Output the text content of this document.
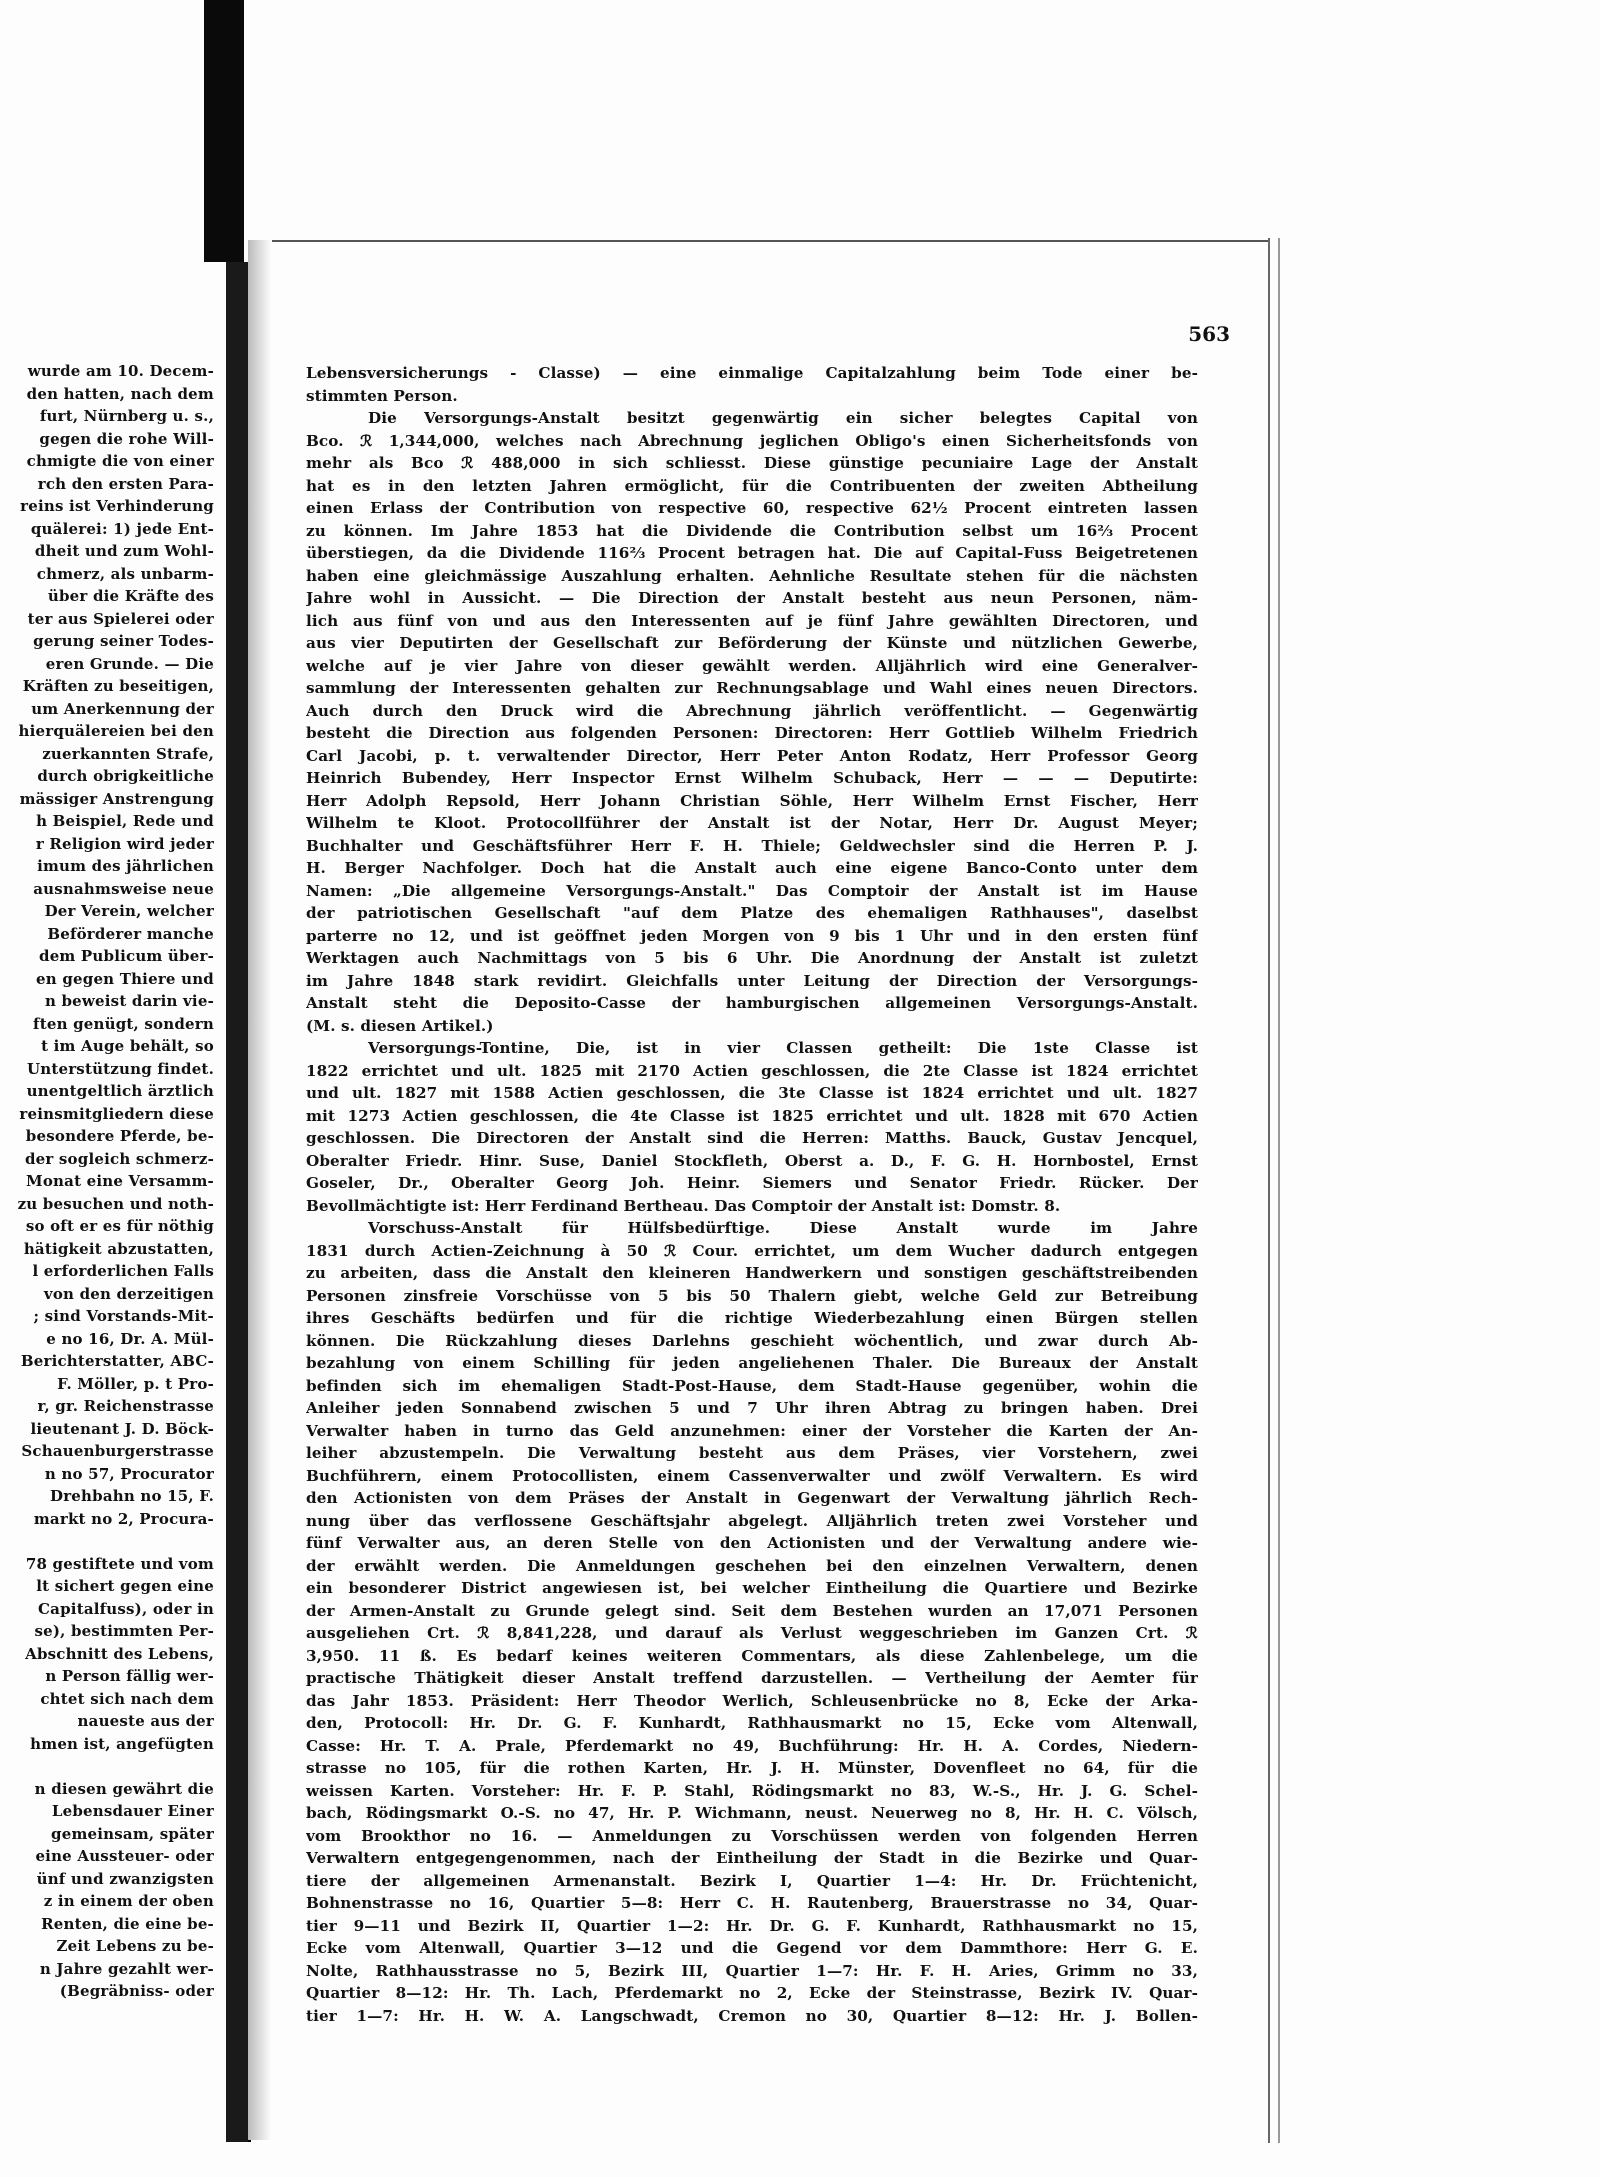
wurde am 10. Decem-
den hatten, nach dem
furt, Nürnberg u. s.,
gegen die rohe Will-
chmigte die von einer
rch den ersten Para-
reins ist Verhinderung
quälerei: 1) jede Ent-
dheit und zum Wohl-
chmerz, als unbarm-
über die Kräfte des
ter aus Spielerei oder
gerung seiner Todes-
eren Grunde. — Die
Kräften zu beseitigen,
um Anerkennung der
hierquälereien bei den
zuerkannten Strafe,
durch obrigkeitliche
mässiger Anstrengung
h Beispiel, Rede und
r Religion wird jeder
imum des jährlichen
ausnahmsweise neue
Der Verein, welcher
Beförderer manche
dem Publicum über-
en gegen Thiere und
n beweist darin vie-
ften genügt, sondern
t im Auge behält, so
Unterstützung findet.
unentgeltlich ärztlich
reinsmitgliedern diese
besondere Pferde, be-
der sogleich schmerz-
Monat eine Versamm-
zu besuchen und noth-
so oft er es für nöthig
hätigkeit abzustatten,
l erforderlichen Falls
von den derzeitigen
; sind Vorstands-Mit-
e no 16, Dr. A. Mül-
Berichterstatter, ABC-
F. Möller, p. t Pro-
r, gr. Reichenstrasse
lieutenant J. D. Böck-
Schauenburgerstrasse
n no 57, Procurator
Drehbahn no 15, F.
markt no 2, Procura-
78 gestiftete und vom
lt sichert gegen eine
Capitalfuss), oder in
se), bestimmten Per-
Abschnitt des Lebens,
n Person fällig wer-
chtet sich nach dem
naueste aus der
hmen ist, angefügten
n diesen gewährt die
Lebensdauer Einer
gemeinsam, später
eine Aussteuer- oder
ünf und zwanzigsten
z in einem der oben
Renten, die eine be-
Zeit Lebens zu be-
n Jahre gezahlt wer-
(Begräbniss- oder
563
Lebensversicherungs - Classe) — eine einmalige Capitalzahlung beim Tode einer be-
stimmten Person.
Die Versorgungs-Anstalt besitzt gegenwärtig ein sicher belegtes Capital von
Bco. ℛ 1,344,000, welches nach Abrechnung jeglichen Obligo's einen Sicherheitsfonds von
mehr als Bco ℛ 488,000 in sich schliesst. Diese günstige pecuniaire Lage der Anstalt
hat es in den letzten Jahren ermöglicht, für die Contribuenten der zweiten Abtheilung
einen Erlass der Contribution von respective 60, respective 62½ Procent eintreten lassen
zu können. Im Jahre 1853 hat die Dividende die Contribution selbst um 16⅔ Procent
überstiegen, da die Dividende 116⅔ Procent betragen hat. Die auf Capital-Fuss Beigetretenen
haben eine gleichmässige Auszahlung erhalten. Aehnliche Resultate stehen für die nächsten
Jahre wohl in Aussicht. — Die Direction der Anstalt besteht aus neun Personen, näm-
lich aus fünf von und aus den Interessenten auf je fünf Jahre gewählten Directoren, und
aus vier Deputirten der Gesellschaft zur Beförderung der Künste und nützlichen Gewerbe,
welche auf je vier Jahre von dieser gewählt werden. Alljährlich wird eine Generalver-
sammlung der Interessenten gehalten zur Rechnungsablage und Wahl eines neuen Directors.
Auch durch den Druck wird die Abrechnung jährlich veröffentlicht. — Gegenwärtig
besteht die Direction aus folgenden Personen: Directoren: Herr Gottlieb Wilhelm Friedrich
Carl Jacobi, p. t. verwaltender Director, Herr Peter Anton Rodatz, Herr Professor Georg
Heinrich Bubendey, Herr Inspector Ernst Wilhelm Schuback, Herr — — — Deputirte:
Herr Adolph Repsold, Herr Johann Christian Söhle, Herr Wilhelm Ernst Fischer, Herr
Wilhelm te Kloot. Protocollführer der Anstalt ist der Notar, Herr Dr. August Meyer;
Buchhalter und Geschäftsführer Herr F. H. Thiele; Geldwechsler sind die Herren P. J.
H. Berger Nachfolger. Doch hat die Anstalt auch eine eigene Banco-Conto unter dem
Namen: „Die allgemeine Versorgungs-Anstalt." Das Comptoir der Anstalt ist im Hause
der patriotischen Gesellschaft "auf dem Platze des ehemaligen Rathhauses", daselbst
parterre no 12, und ist geöffnet jeden Morgen von 9 bis 1 Uhr und in den ersten fünf
Werktagen auch Nachmittags von 5 bis 6 Uhr. Die Anordnung der Anstalt ist zuletzt
im Jahre 1848 stark revidirt. Gleichfalls unter Leitung der Direction der Versorgungs-
Anstalt steht die Deposito-Casse der hamburgischen allgemeinen Versorgungs-Anstalt.
(M. s. diesen Artikel.)
Versorgungs-Tontine, Die, ist in vier Classen getheilt: Die 1ste Classe ist
1822 errichtet und ult. 1825 mit 2170 Actien geschlossen, die 2te Classe ist 1824 errichtet
und ult. 1827 mit 1588 Actien geschlossen, die 3te Classe ist 1824 errichtet und ult. 1827
mit 1273 Actien geschlossen, die 4te Classe ist 1825 errichtet und ult. 1828 mit 670 Actien
geschlossen. Die Directoren der Anstalt sind die Herren: Matths. Bauck, Gustav Jencquel,
Oberalter Friedr. Hinr. Suse, Daniel Stockfleth, Oberst a. D., F. G. H. Hornbostel, Ernst
Goseler, Dr., Oberalter Georg Joh. Heinr. Siemers und Senator Friedr. Rücker. Der
Bevollmächtigte ist: Herr Ferdinand Bertheau. Das Comptoir der Anstalt ist: Domstr. 8.
Vorschuss-Anstalt für Hülfsbedürftige. Diese Anstalt wurde im Jahre
1831 durch Actien-Zeichnung à 50 ℛ Cour. errichtet, um dem Wucher dadurch entgegen
zu arbeiten, dass die Anstalt den kleineren Handwerkern und sonstigen geschäftstreibenden
Personen zinsfreie Vorschüsse von 5 bis 50 Thalern giebt, welche Geld zur Betreibung
ihres Geschäfts bedürfen und für die richtige Wiederbezahlung einen Bürgen stellen
können. Die Rückzahlung dieses Darlehns geschieht wöchentlich, und zwar durch Ab-
bezahlung von einem Schilling für jeden angeliehenen Thaler. Die Bureaux der Anstalt
befinden sich im ehemaligen Stadt-Post-Hause, dem Stadt-Hause gegenüber, wohin die
Anleiher jeden Sonnabend zwischen 5 und 7 Uhr ihren Abtrag zu bringen haben. Drei
Verwalter haben in turno das Geld anzunehmen: einer der Vorsteher die Karten der An-
leiher abzustempeln. Die Verwaltung besteht aus dem Präses, vier Vorstehern, zwei
Buchführern, einem Protocollisten, einem Cassenverwalter und zwölf Verwaltern. Es wird
den Actionisten von dem Präses der Anstalt in Gegenwart der Verwaltung jährlich Rech-
nung über das verflossene Geschäftsjahr abgelegt. Alljährlich treten zwei Vorsteher und
fünf Verwalter aus, an deren Stelle von den Actionisten und der Verwaltung andere wie-
der erwählt werden. Die Anmeldungen geschehen bei den einzelnen Verwaltern, denen
ein besonderer District angewiesen ist, bei welcher Eintheilung die Quartiere und Bezirke
der Armen-Anstalt zu Grunde gelegt sind. Seit dem Bestehen wurden an 17,071 Personen
ausgeliehen Crt. ℛ 8,841,228, und darauf als Verlust weggeschrieben im Ganzen Crt. ℛ
3,950. 11 ß. Es bedarf keines weiteren Commentars, als diese Zahlenbelege, um die
practische Thätigkeit dieser Anstalt treffend darzustellen. — Vertheilung der Aemter für
das Jahr 1853. Präsident: Herr Theodor Werlich, Schleusenbrücke no 8, Ecke der Arka-
den, Protocoll: Hr. Dr. G. F. Kunhardt, Rathhausmarkt no 15, Ecke vom Altenwall,
Casse: Hr. T. A. Prale, Pferdemarkt no 49, Buchführung: Hr. H. A. Cordes, Niedern-
strasse no 105, für die rothen Karten, Hr. J. H. Münster, Dovenfleet no 64, für die
weissen Karten. Vorsteher: Hr. F. P. Stahl, Rödingsmarkt no 83, W.-S., Hr. J. G. Schel-
bach, Rödingsmarkt O.-S. no 47, Hr. P. Wichmann, neust. Neuerweg no 8, Hr. H. C. Völsch,
vom Brookthor no 16. — Anmeldungen zu Vorschüssen werden von folgenden Herren
Verwaltern entgegengenommen, nach der Eintheilung der Stadt in die Bezirke und Quar-
tiere der allgemeinen Armenanstalt. Bezirk I, Quartier 1—4: Hr. Dr. Früchtenicht,
Bohnenstrasse no 16, Quartier 5—8: Herr C. H. Rautenberg, Brauerstrasse no 34, Quar-
tier 9—11 und Bezirk II, Quartier 1—2: Hr. Dr. G. F. Kunhardt, Rathhausmarkt no 15,
Ecke vom Altenwall, Quartier 3—12 und die Gegend vor dem Dammthore: Herr G. E.
Nolte, Rathhausstrasse no 5, Bezirk III, Quartier 1—7: Hr. F. H. Aries, Grimm no 33,
Quartier 8—12: Hr. Th. Lach, Pferdemarkt no 2, Ecke der Steinstrasse, Bezirk IV. Quar-
tier 1—7: Hr. H. W. A. Langschwadt, Cremon no 30, Quartier 8—12: Hr. J. Bollen-
